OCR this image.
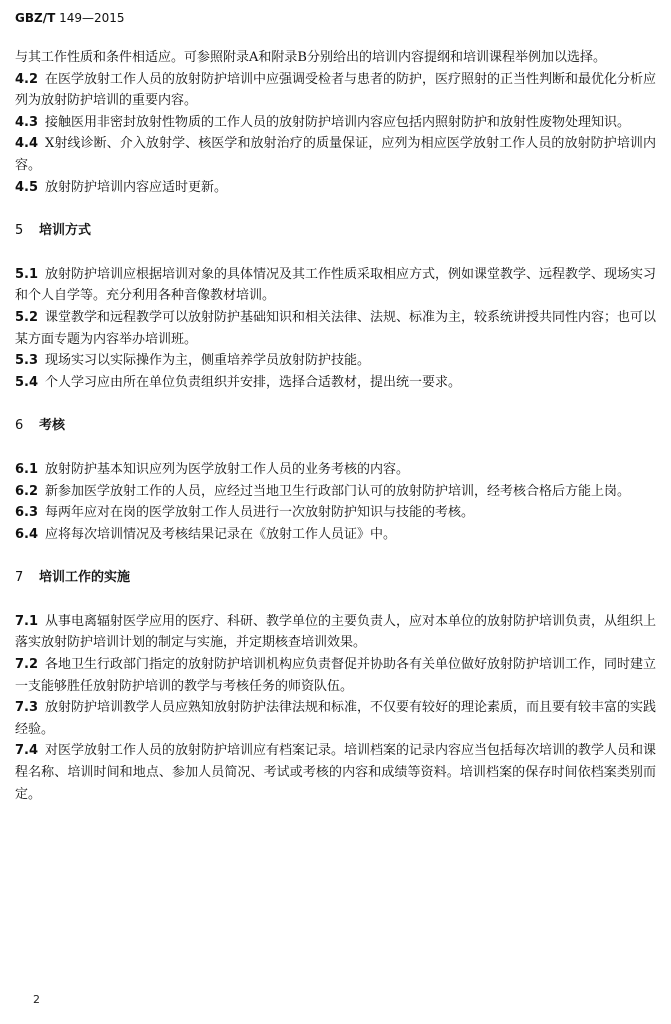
GBZ/T 149—2015

与其工作性质和条件相适应。可参照附录A和附录B分别给出的培训内容提纲和培训课程举例加以选择。

4.2 在医学放射工作人员的放射防护培训中应强调受检者与患者的防护，医疗照射的正当性判断和最优化分析应列为放射防护培训的重要内容。

4.3 接触医用非密封放射性物质的工作人员的放射防护培训内容应包括内照射防护和放射性废物处理知识。

4.4 X射线诊断、介入放射学、核医学和放射治疗的质量保证，应列为相应医学放射工作人员的放射防护培训内容。

4.5 放射防护培训内容应适时更新。

5 培训方式

5.1 放射防护培训应根据培训对象的具体情况及其工作性质采取相应方式，例如课堂教学、远程教学、现场实习和个人自学等。充分利用各种音像教材培训。

5.2 课堂教学和远程教学可以放射防护基础知识和相关法律、法规、标准为主，较系统讲授共同性内容；也可以某方面专题为内容举办培训班。

5.3 现场实习以实际操作为主，侧重培养学员放射防护技能。

5.4 个人学习应由所在单位负责组织并安排，选择合适教材，提出统一要求。

6 考核

6.1 放射防护基本知识应列为医学放射工作人员的业务考核的内容。

6.2 新参加医学放射工作的人员，应经过当地卫生行政部门认可的放射防护培训，经考核合格后方能上岗。

6.3 每两年应对在岗的医学放射工作人员进行一次放射防护知识与技能的考核。

6.4 应将每次培训情况及考核结果记录在《放射工作人员证》中。

7 培训工作的实施

7.1 从事电离辐射医学应用的医疗、科研、教学单位的主要负责人，应对本单位的放射防护培训负责，从组织上落实放射防护培训计划的制定与实施，并定期核查培训效果。

7.2 各地卫生行政部门指定的放射防护培训机构应负责督促并协助各有关单位做好放射防护培训工作，同时建立一支能够胜任放射防护培训的教学与考核任务的师资队伍。

7.3 放射防护培训教学人员应熟知放射防护法律法规和标准，不仅要有较好的理论素质，而且要有较丰富的实践经验。

7.4 对医学放射工作人员的放射防护培训应有档案记录。培训档案的记录内容应当包括每次培训的教学人员和课程名称、培训时间和地点、参加人员简况、考试或考核的内容和成绩等资料。培训档案的保存时间依档案类别而定。

2
